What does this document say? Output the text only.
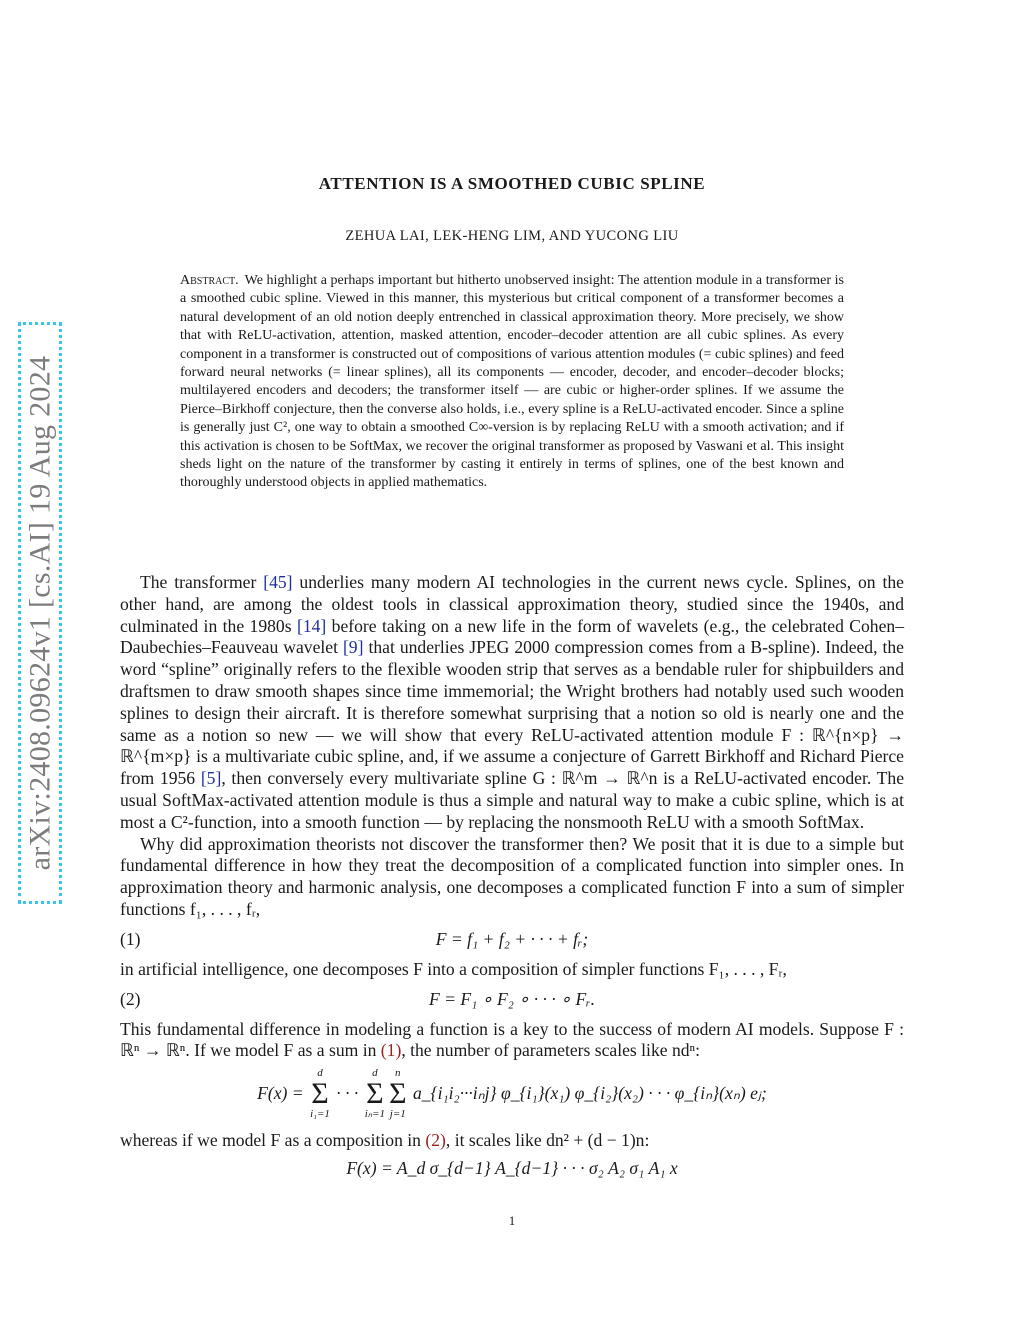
arXiv:2408.09624v1 [cs.AI] 19 Aug 2024
ATTENTION IS A SMOOTHED CUBIC SPLINE
ZEHUA LAI, LEK-HENG LIM, AND YUCONG LIU
Abstract. We highlight a perhaps important but hitherto unobserved insight: The attention module in a transformer is a smoothed cubic spline. Viewed in this manner, this mysterious but critical component of a transformer becomes a natural development of an old notion deeply entrenched in classical approximation theory. More precisely, we show that with ReLU-activation, attention, masked attention, encoder–decoder attention are all cubic splines. As every component in a transformer is constructed out of compositions of various attention modules (= cubic splines) and feed forward neural networks (= linear splines), all its components — encoder, decoder, and encoder–decoder blocks; multilayered encoders and decoders; the transformer itself — are cubic or higher-order splines. If we assume the Pierce–Birkhoff conjecture, then the converse also holds, i.e., every spline is a ReLU-activated encoder. Since a spline is generally just C², one way to obtain a smoothed C∞-version is by replacing ReLU with a smooth activation; and if this activation is chosen to be SoftMax, we recover the original transformer as proposed by Vaswani et al. This insight sheds light on the nature of the transformer by casting it entirely in terms of splines, one of the best known and thoroughly understood objects in applied mathematics.

The transformer [45] underlies many modern AI technologies in the current news cycle. Splines, on the other hand, are among the oldest tools in classical approximation theory, studied since the 1940s, and culminated in the 1980s [14] before taking on a new life in the form of wavelets (e.g., the celebrated Cohen–Daubechies–Feauveau wavelet [9] that underlies JPEG 2000 compression comes from a B-spline). Indeed, the word “spline” originally refers to the flexible wooden strip that serves as a bendable ruler for shipbuilders and draftsmen to draw smooth shapes since time immemorial; the Wright brothers had notably used such wooden splines to design their aircraft. It is therefore somewhat surprising that a notion so old is nearly one and the same as a notion so new — we will show that every ReLU-activated attention module F : ℝ^{n×p} → ℝ^{m×p} is a multivariate cubic spline, and, if we assume a conjecture of Garrett Birkhoff and Richard Pierce from 1956 [5], then conversely every multivariate spline G : ℝ^m → ℝ^n is a ReLU-activated encoder. The usual SoftMax-activated attention module is thus a simple and natural way to make a cubic spline, which is at most a C²-function, into a smooth function — by replacing the nonsmooth ReLU with a smooth SoftMax.

Why did approximation theorists not discover the transformer then? We posit that it is due to a simple but fundamental difference in how they treat the decomposition of a complicated function into simpler ones. In approximation theory and harmonic analysis, one decomposes a complicated function F into a sum of simpler functions f₁, . . . , fᵣ,

(1)	F = f₁ + f₂ + · · · + fᵣ;

in artificial intelligence, one decomposes F into a composition of simpler functions F₁, . . . , Fᵣ,

(2)	F = F₁ ∘ F₂ ∘ · · · ∘ Fᵣ.

This fundamental difference in modeling a function is a key to the success of modern AI models. Suppose F : ℝⁿ → ℝⁿ. If we model F as a sum in (1), the number of parameters scales like ndⁿ:

F(x) =

d
Σ
i₁=1
· · ·
d
Σ
iₙ=1
n
Σ
j=1

a_{i₁i₂···iₙj} φ_{i₁}(x₁) φ_{i₂}(x₂) · · · φ_{iₙ}(xₙ) eⱼ;

whereas if we model F as a composition in (2), it scales like dn² + (d − 1)n:

F(x) = A_d σ_{d−1} A_{d−1} · · · σ₂ A₂ σ₁ A₁ x
1
